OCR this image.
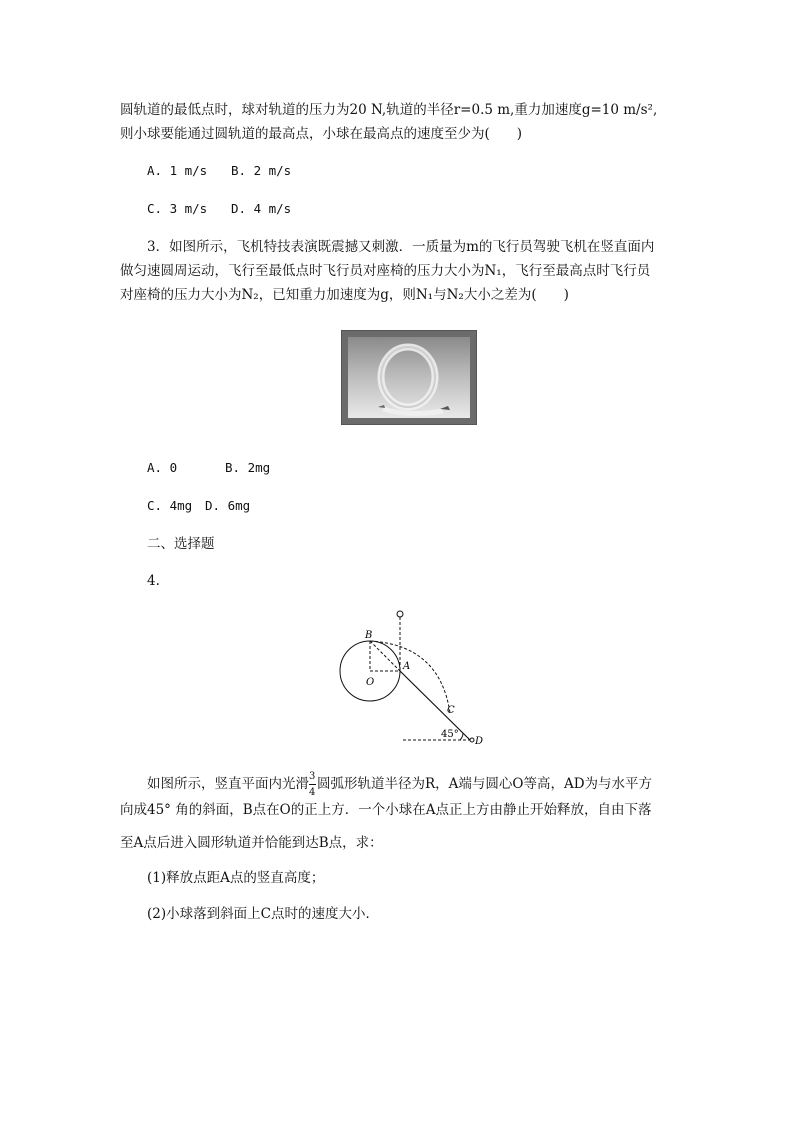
圆轨道的最低点时，球对轨道的压力为20 N,轨道的半径r=0.5 m,重力加速度g=10 m/s²,
则小球要能通过圆轨道的最高点，小球在最高点的速度至少为(　　)
A. 1 m/s B. 2 m/s
C. 3 m/s D. 4 m/s
3．如图所示，飞机特技表演既震撼又刺激．一质量为m的飞行员驾驶飞机在竖直面内
做匀速圆周运动，飞行至最低点时飞行员对座椅的压力大小为N₁，飞行至最高点时飞行员
对座椅的压力大小为N₂，已知重力加速度为g，则N₁与N₂大小之差为(　　)
A. 0	B. 2mg
C. 4mg D. 6mg
二、选择题
4.
B
A
O
C
D
45°
如图所示，竖直平面内光滑 $\frac{3}{4}$ 圆弧形轨道半径为R，A端与圆心O等高，AD为与水平方
向成45° 角的斜面，B点在O的正上方．一个小球在A点正上方由静止开始释放，自由下落
至A点后进入圆形轨道并恰能到达B点，求：
(1)释放点距A点的竖直高度；
(2)小球落到斜面上C点时的速度大小．
